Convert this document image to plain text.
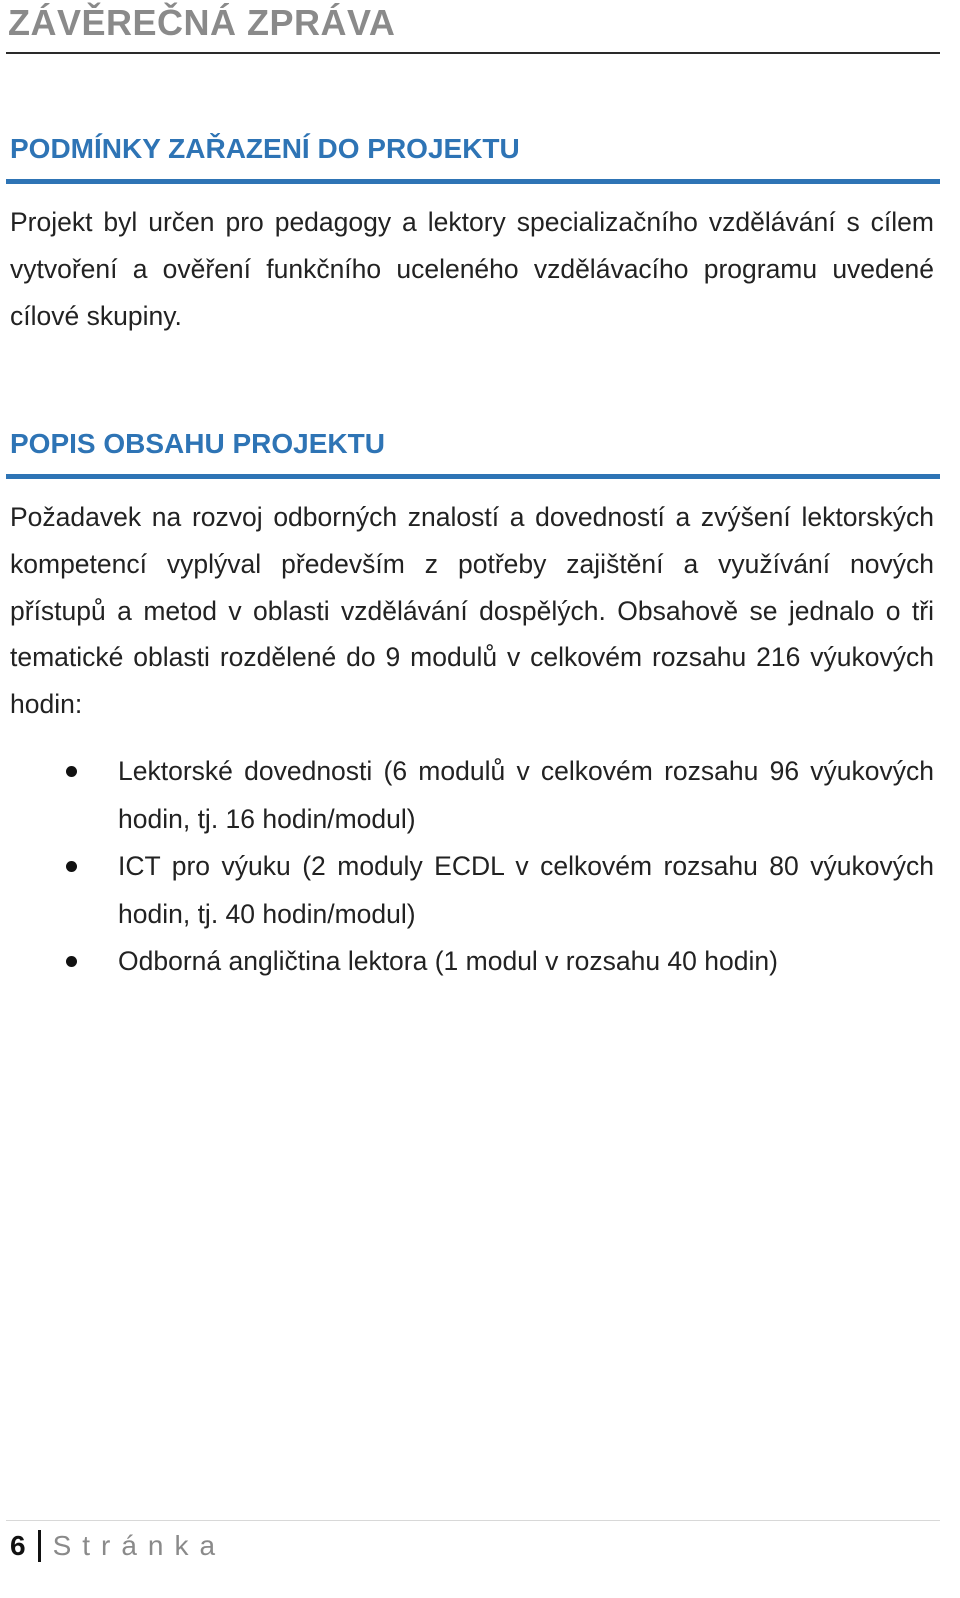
ZÁVĚREČNÁ ZPRÁVA
PODMÍNKY ZAŘAZENÍ DO PROJEKTU

Projekt byl určen pro pedagogy a lektory specializačního vzdělávání s cílem vytvoření a ověření funkčního uceleného vzdělávacího programu uvedené cílové skupiny.

POPIS OBSAHU PROJEKTU

Požadavek na rozvoj odborných znalostí a dovedností a zvýšení lektorských kompetencí vyplýval především z potřeby zajištění a využívání nových přístupů a metod v oblasti vzdělávání dospělých. Obsahově se jednalo o tři tematické oblasti rozdělené do 9 modulů v celkovém rozsahu 216 výukových hodin:

Lektorské dovednosti (6 modulů v celkovém rozsahu 96 výukových hodin, tj. 16 hodin/modul)
ICT pro výuku (2 moduly ECDL v celkovém rozsahu 80 výukových hodin, tj. 40 hodin/modul)
Odborná angličtina lektora (1 modul v rozsahu 40 hodin)
6 Stránka
